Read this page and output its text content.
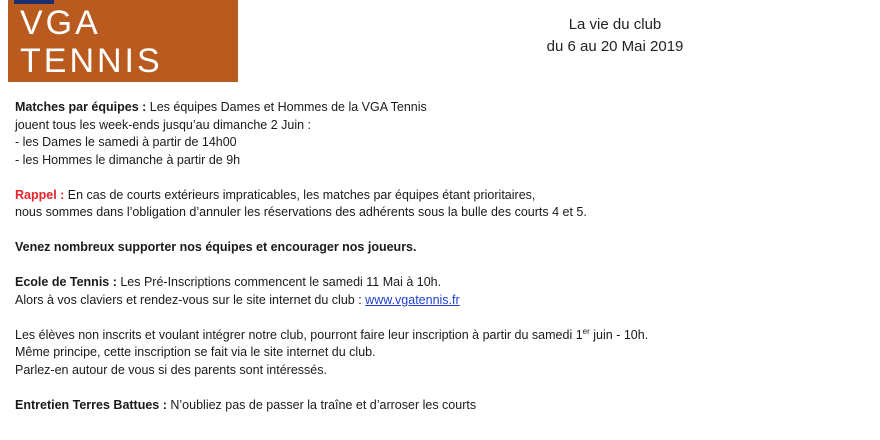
VGA
TENNIS
La vie du club
du 6 au 20 Mai 2019

Matches par équipes : Les équipes Dames et Hommes de la VGA Tennis

jouent tous les week-ends jusqu’au dimanche 2 Juin :

- les Dames le samedi à partir de 14h00

- les Hommes le dimanche à partir de 9h

Rappel : En cas de courts extérieurs impraticables, les matches par équipes étant prioritaires,

nous sommes dans l’obligation d’annuler les réservations des adhérents sous la bulle des courts 4 et 5.

Venez nombreux supporter nos équipes et encourager nos joueurs.

Ecole de Tennis : Les Pré-Inscriptions commencent le samedi 11 Mai à 10h.

Alors à vos claviers et rendez-vous sur le site internet du club : www.vgatennis.fr

Les élèves non inscrits et voulant intégrer notre club, pourront faire leur inscription à partir du samedi 1er juin - 10h.

Même principe, cette inscription se fait via le site internet du club.

Parlez-en autour de vous si des parents sont intéressés.

Entretien Terres Battues : N’oubliez pas de passer la traîne et d’arroser les courts
